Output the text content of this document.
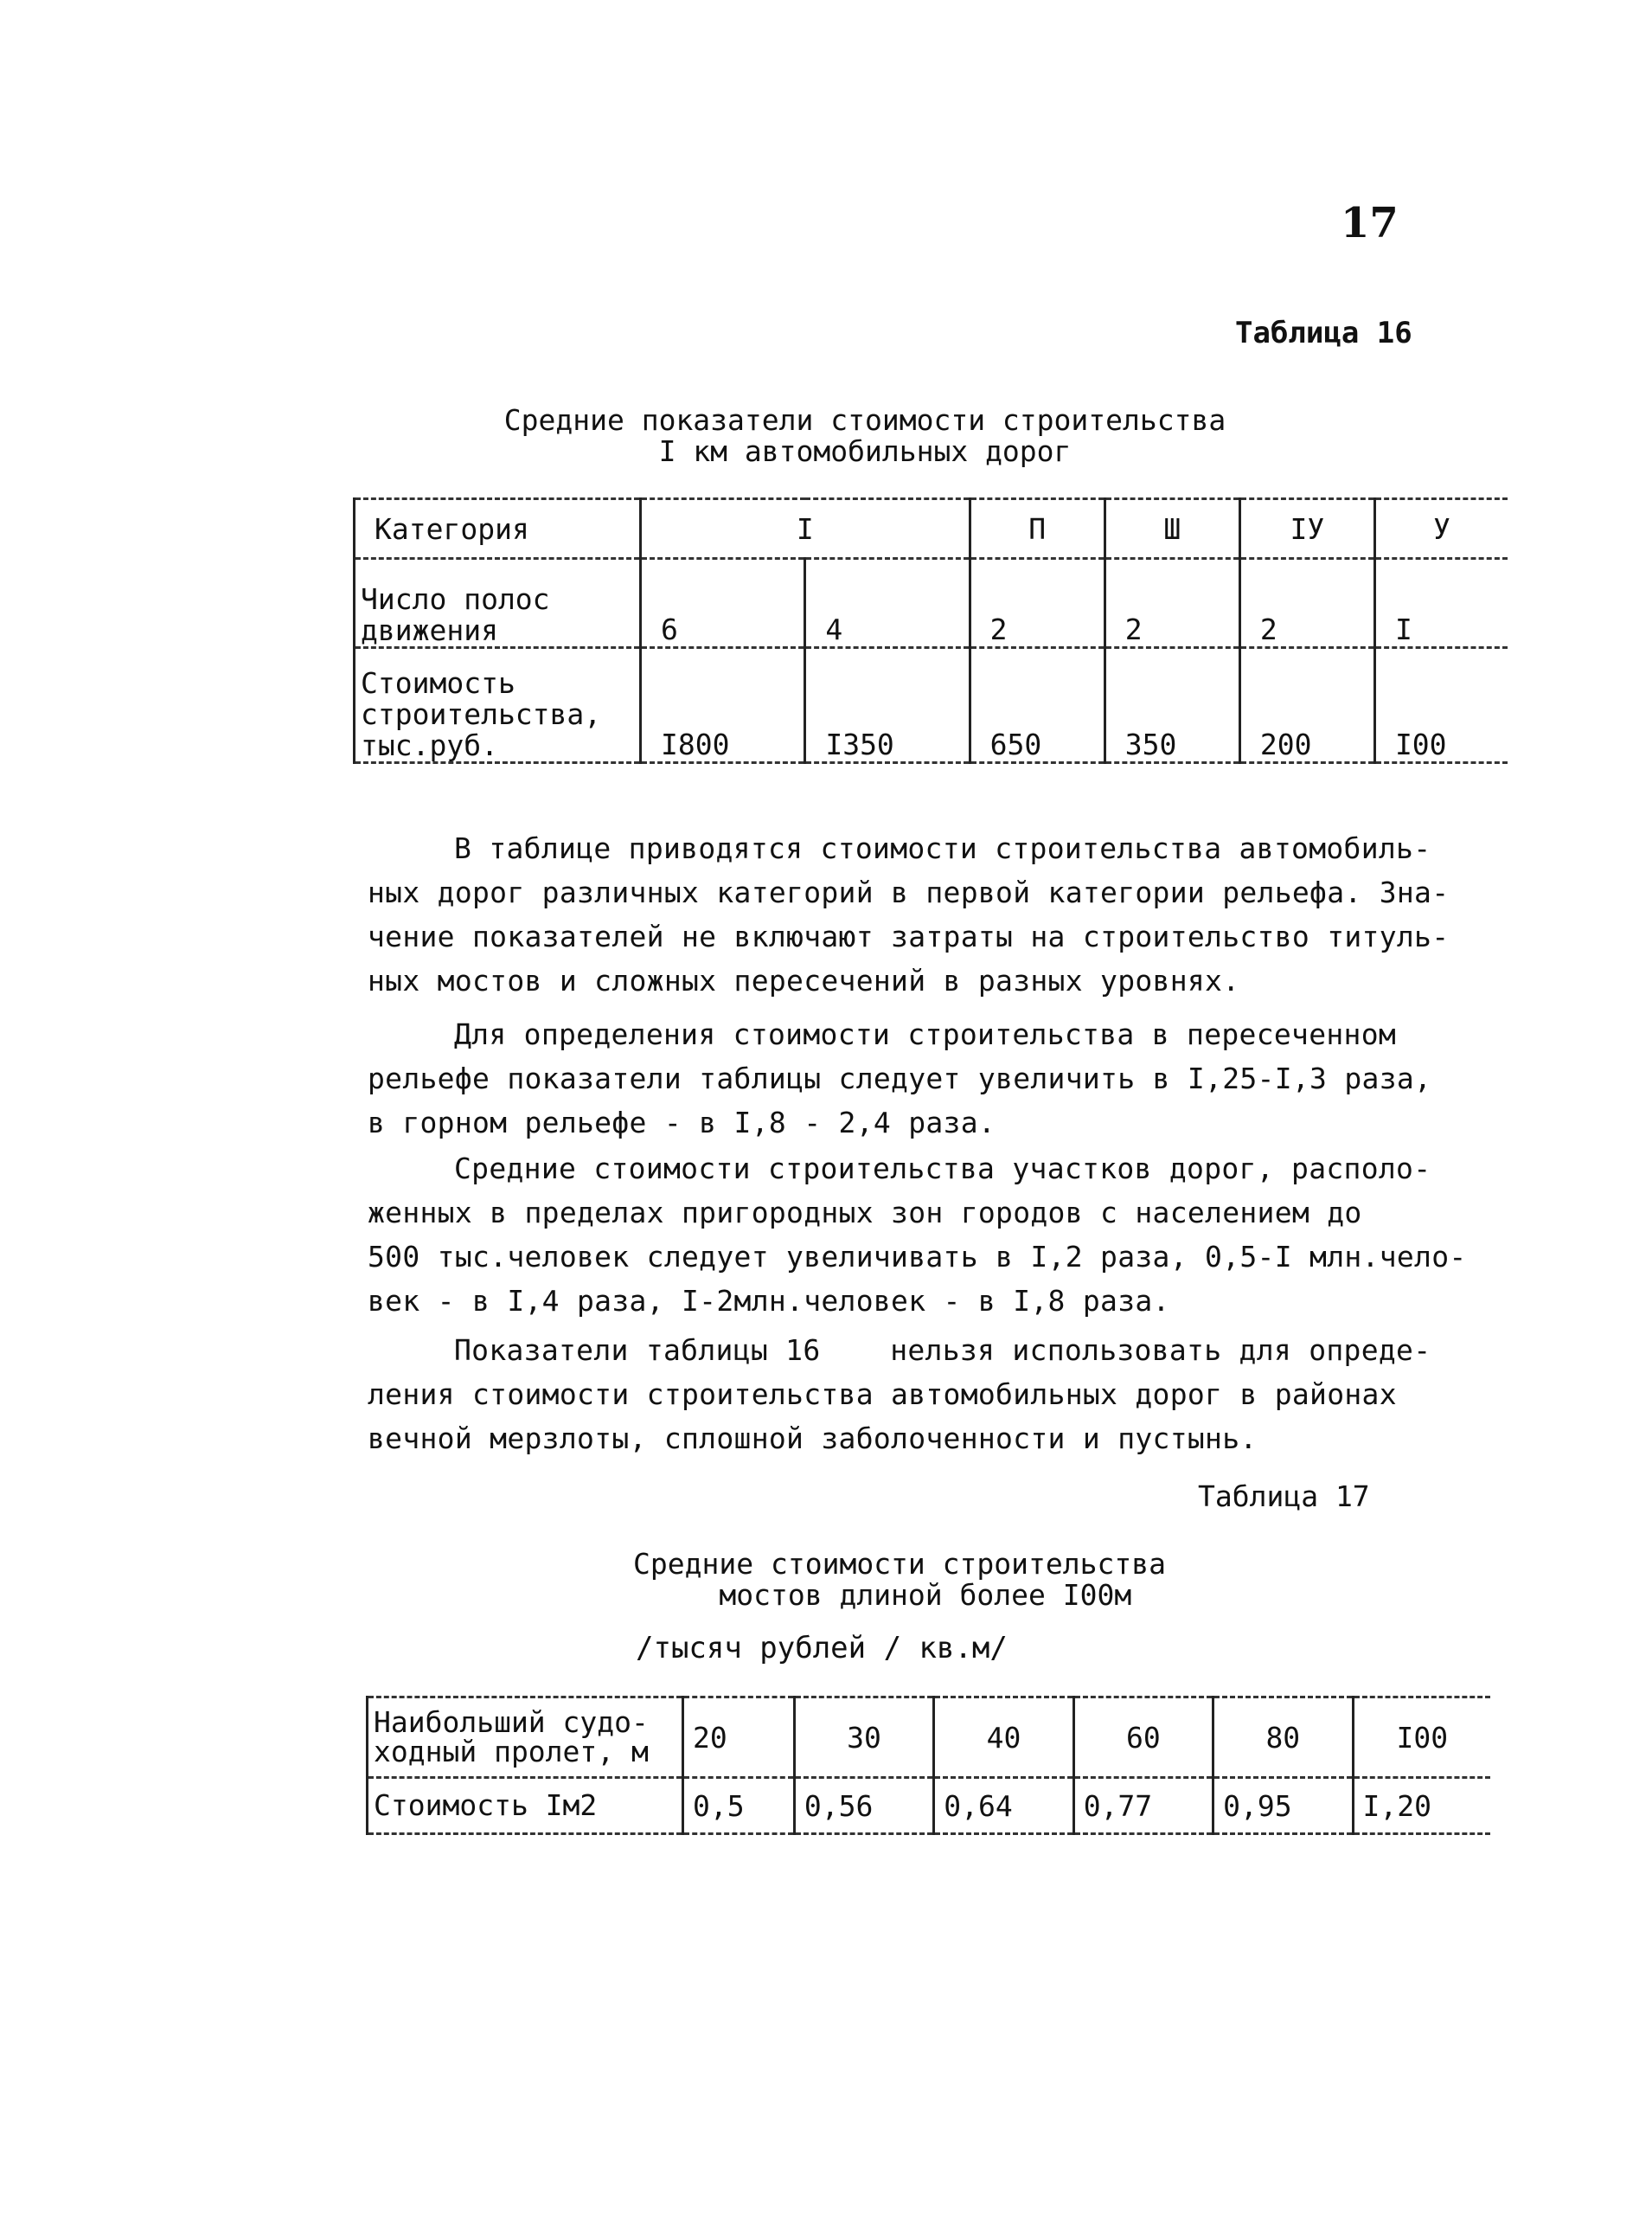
17
Таблица 16
Средние показатели стоимости строительства
I км автомобильных дорог
Категория	I		П	Ш	IУ	У
Число полос
движения	6	4	2	2	2	I
Стоимость
строительства,
тыс.руб.	I800	I350	650	350	200	I00
В таблице приводятся стоимости строительства автомобиль-
ных дорог различных категорий в первой категории рельефа. Зна-
чение показателей не включают затраты на строительство титуль-
ных мостов и сложных пересечений в разных уровнях.
Для определения стоимости строительства в пересеченном
рельефе показатели таблицы следует увеличить в I,25-I,3 раза,
в горном рельефе - в I,8 - 2,4 раза.
Средние стоимости строительства участков дорог, располо-
женных в пределах пригородных зон городов с населением до
500 тыс.человек следует увеличивать в I,2 раза, 0,5-I млн.чело-
век - в I,4 раза, I-2млн.человек - в I,8 раза.
Показатели таблицы 16    нельзя использовать для опреде-
ления стоимости строительства автомобильных дорог в районах
вечной мерзлоты, сплошной заболоченности и пустынь.
Таблица 17
Средние стоимости строительства
мостов длиной более I00м
/тысяч рублей / кв.м/
Наибольший судо-
ходный пролет, м	20	30	40	60	80	I00
Стоимость Iм2	0,5	0,56	0,64	0,77	0,95	I,20
